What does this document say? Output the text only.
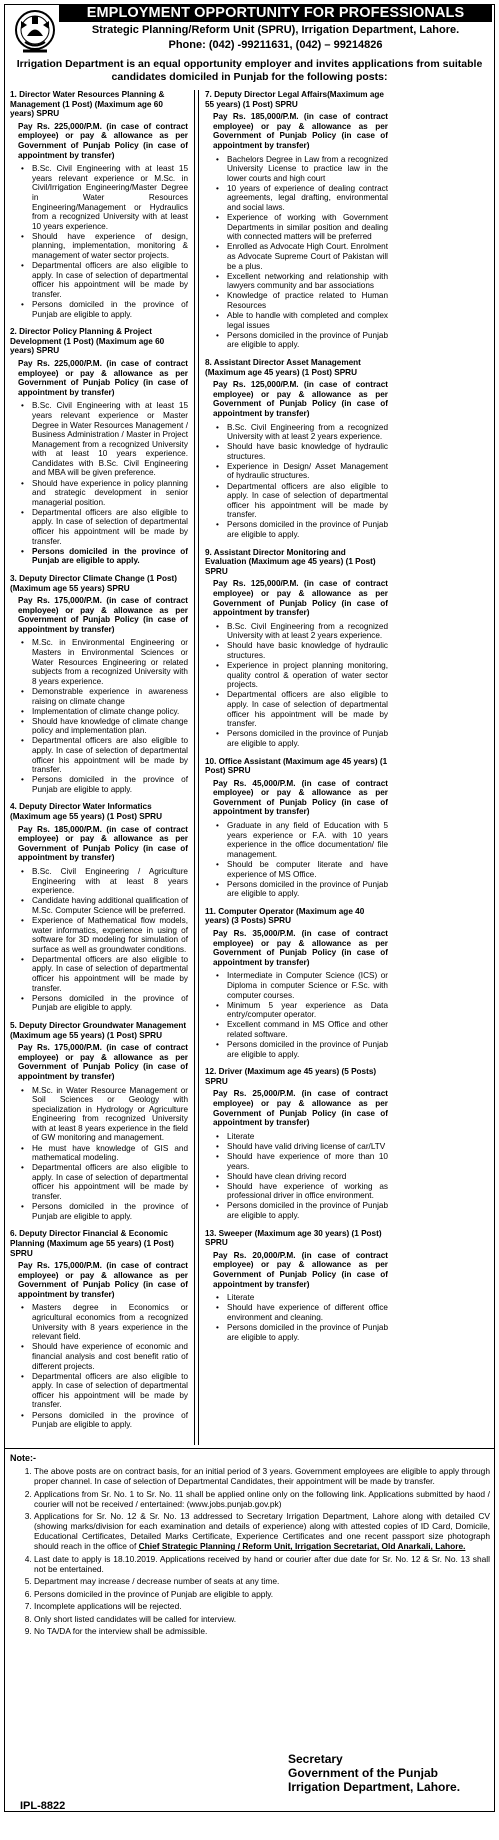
EMPLOYMENT OPPORTUNITY FOR PROFESSIONALS
Strategic Planning/Reform Unit (SPRU), Irrigation Department, Lahore.
Phone: (042) -99211631, (042) – 99214826
Irrigation Department is an equal opportunity employer and invites applications from suitable candidates domiciled in Punjab for the following posts:
1. Director Water Resources Planning & Management (1 Post) (Maximum age 60 years) SPRU
Pay Rs. 225,000/P.M. (in case of contract employee) or pay & allowance as per Government of Punjab Policy (in case of appointment by transfer)
• B.Sc. Civil Engineering with at least 15 years relevant experience or M.Sc. in Civil/Irrigation Engineering/Master Degree in Water Resources Engineering/Management or Hydraulics from a recognized University with at least 10 years experience.
• Should have experience of design, planning, implementation, monitoring & management of water sector projects.
• Departmental officers are also eligible to apply. In case of selection of departmental officer his appointment will be made by transfer.
• Persons domiciled in the province of Punjab are eligible to apply.
2. Director Policy Planning & Project Development (1 Post) (Maximum age 60 years) SPRU
Pay Rs. 225,000/P.M. (in case of contract employee) or pay & allowance as per Government of Punjab Policy (in case of appointment by transfer)
• B.Sc. Civil Engineering with at least 15 years relevant experience or Master Degree in Water Resources Management / Business Administration / Master in Project Management from a recognized University with at least 10 years experience. Candidates with B.Sc. Civil Engineering and MBA will be given preference.
• Should have experience in policy planning and strategic development in senior managerial position.
• Departmental officers are also eligible to apply. In case of selection of departmental officer his appointment will be made by transfer.
• Persons domiciled in the province of Punjab are eligible to apply.
3. Deputy Director Climate Change (1 Post) (Maximum age 55 years) SPRU
Pay Rs. 175,000/P.M. (in case of contract employee) or pay & allowance as per Government of Punjab Policy (in case of appointment by transfer)
• M.Sc. in Environmental Engineering or Masters in Environmental Sciences or Water Resources Engineering or related subjects from a recognized University with 8 years experience.
• Demonstrable experience in awareness raising on climate change
• Implementation of climate change policy.
• Should have knowledge of climate change policy and implementation plan.
• Departmental officers are also eligible to apply. In case of selection of departmental officer his appointment will be made by transfer.
• Persons domiciled in the province of Punjab are eligible to apply.
4. Deputy Director Water Informatics (Maximum age 55 years) (1 Post) SPRU
Pay Rs. 185,000/P.M. (in case of contract employee) or pay & allowance as per Government of Punjab Policy (in case of appointment by transfer)
• B.Sc. Civil Engineering / Agriculture Engineering with at least 8 years experience.
• Candidate having additional qualification of M.Sc. Computer Science will be preferred.
• Experience of Mathematical flow models, water informatics, experience in using of software for 3D modeling for simulation of surface as well as groundwater conditions.
• Departmental officers are also eligible to apply. In case of selection of departmental officer his appointment will be made by transfer.
• Persons domiciled in the province of Punjab are eligible to apply.
5. Deputy Director Groundwater Management (Maximum age 55 years) (1 Post) SPRU
Pay Rs. 175,000/P.M. (in case of contract employee) or pay & allowance as per Government of Punjab Policy (in case of appointment by transfer)
• M.Sc. in Water Resource Management or Soil Sciences or Geology with specialization in Hydrology or Agriculture Engineering from recognized University with at least 8 years experience in the field of GW monitoring and management.
• He must have knowledge of GIS and mathematical modeling.
• Departmental officers are also eligible to apply. In case of selection of departmental officer his appointment will be made by transfer.
• Persons domiciled in the province of Punjab are eligible to apply.
6. Deputy Director Financial & Economic Planning (Maximum age 55 years) (1 Post) SPRU
Pay Rs. 175,000/P.M. (in case of contract employee) or pay & allowance as per Government of Punjab Policy (in case of appointment by transfer)
• Masters degree in Economics or agricultural economics from a recognized University with 8 years experience in the relevant field.
• Should have experience of economic and financial analysis and cost benefit ratio of different projects.
• Departmental officers are also eligible to apply. In case of selection of departmental officer his appointment will be made by transfer.
• Persons domiciled in the province of Punjab are eligible to apply.
7. Deputy Director Legal Affairs(Maximum age 55 years) (1 Post) SPRU
Pay Rs. 185,000/P.M. (in case of contract employee) or pay & allowance as per Government of Punjab Policy (in case of appointment by transfer)
• Bachelors Degree in Law from a recognized University License to practice law in the lower courts and high court
• 10 years of experience of dealing contract agreements, legal drafting, environmental and social laws.
• Experience of working with Government Departments in similar position and dealing with connected matters will be preferred
• Enrolled as Advocate High Court. Enrolment as Advocate Supreme Court of Pakistan will be a plus.
• Excellent networking and relationship with lawyers community and bar associations
• Knowledge of practice related to Human Resources
• Able to handle with completed and complex legal issues
• Persons domiciled in the province of Punjab are eligible to apply.
8. Assistant Director Asset Management (Maximum age 45 years) (1 Post) SPRU
Pay Rs. 125,000/P.M. (in case of contract employee) or pay & allowance as per Government of Punjab Policy (in case of appointment by transfer)
• B.Sc. Civil Engineering from a recognized University with at least 2 years experience.
• Should have basic knowledge of hydraulic structures.
• Experience in Design/ Asset Management of hydraulic structures.
• Departmental officers are also eligible to apply. In case of selection of departmental officer his appointment will be made by transfer.
• Persons domiciled in the province of Punjab are eligible to apply.
9. Assistant Director Monitoring and Evaluation (Maximum age 45 years) (1 Post) SPRU
Pay Rs. 125,000/P.M. (in case of contract employee) or pay & allowance as per Government of Punjab Policy (in case of appointment by transfer)
• B.Sc. Civil Engineering from a recognized University with at least 2 years experience.
• Should have basic knowledge of hydraulic structures.
• Experience in project planning monitoring, quality control & operation of water sector projects.
• Departmental officers are also eligible to apply. In case of selection of departmental officer his appointment will be made by transfer.
• Persons domiciled in the province of Punjab are eligible to apply.
10. Office Assistant (Maximum age 45 years) (1 Post) SPRU
Pay Rs. 45,000/P.M. (in case of contract employee) or pay & allowance as per Government of Punjab Policy (in case of appointment by transfer)
• Graduate in any field of Education with 5 years experience or F.A. with 10 years experience in the office documentation/ file management.
• Should be computer literate and have experience of MS Office.
• Persons domiciled in the province of Punjab are eligible to apply.
11. Computer Operator (Maximum age 40 years) (3 Posts) SPRU
Pay Rs. 35,000/P.M. (in case of contract employee) or pay & allowance as per Government of Punjab Policy (in case of appointment by transfer)
• Intermediate in Computer Science (ICS) or Diploma in computer Science or F.Sc. with computer courses.
• Minimum 5 year experience as Data entry/computer operator.
• Excellent command in MS Office and other related software.
• Persons domiciled in the province of Punjab are eligible to apply.
12. Driver (Maximum age 45 years) (5 Posts) SPRU
Pay Rs. 25,000/P.M. (in case of contract employee) or pay & allowance as per Government of Punjab Policy (in case of appointment by transfer)
• Literate
• Should have valid driving license of car/LTV
• Should have experience of more than 10 years.
• Should have clean driving record
• Should have experience of working as professional driver in office environment.
• Persons domiciled in the province of Punjab are eligible to apply.
13. Sweeper (Maximum age 30 years) (1 Post) SPRU
Pay Rs. 20,000/P.M. (in case of contract employee) or pay & allowance as per Government of Punjab Policy (in case of appointment by transfer)
• Literate
• Should have experience of different office environment and cleaning.
• Persons domiciled in the province of Punjab are eligible to apply.
Note:-
1. The above posts are on contract basis, for an initial period of 3 years. Government employees are eligible to apply through proper channel. In case of selection of Departmental Candidates, their appointment will be made by transfer.
2. Applications from Sr. No. 1 to Sr. No. 11 shall be applied online only on the following link. Applications submitted by haod / courier will not be received / entertained: (www.jobs.punjab.gov.pk)
3. Applications for Sr. No. 12 & Sr. No. 13 addressed to Secretary Irrigation Department, Lahore along with detailed CV (showing marks/division for each examination and details of experience) along with attested copies of ID Card, Domicile, Educational Certificates, Detailed Marks Certificate, Experience Certificates and one recent passport size photograph should reach in the office of Chief Strategic Planning / Reform Unit, Irrigation Secretariat, Old Anarkali, Lahore.
4. Last date to apply is 18.10.2019. Applications received by hand or courier after due date for Sr. No. 12 & Sr. No. 13 shall not be entertained.
5. Department may increase / decrease number of seats at any time.
6. Persons domiciled in the province of Punjab are eligible to apply.
7. Incomplete applications will be rejected.
8. Only short listed candidates will be called for interview.
9. No TA/DA for the interview shall be admissible.
Secretary
Government of the Punjab
Irrigation Department, Lahore.
IPL-8822
